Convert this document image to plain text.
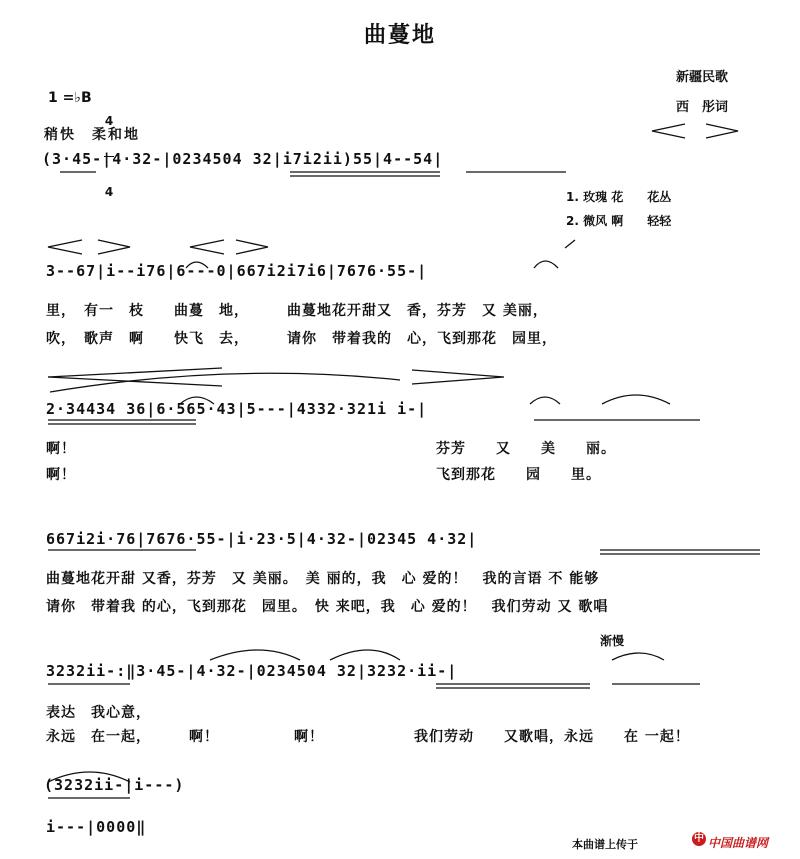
曲蔓地
新疆民歌
西　彤词
1 =♭B

4

4

稍快　柔和地
(3·45-|4·32-|0234504 32|i7i2ii)55|4--54|
1. 玫瑰 花　　花丛
2. 微风 啊　　轻轻
3--67|i--i76|6---0|667i2i7i6|7676·55-|
里，　有一　枝　　曲蔓　地，　　　曲蔓地花开甜又　香，芬芳　又 美丽，
吹，　歌声　啊　　快飞　去，　　　请你　带着我的　心，飞到那花　园里，
2·34434 36|6·565·43|5---|4332·321i i-|
啊！　　　　　　　　　　　　　　　　　　　　　　　　芬芳　　又　　美　　丽。
啊！　　　　　　　　　　　　　　　　　　　　　　　　飞到那花　　园　　里。
667i2i·76|7676·55-|i·23·5|4·32-|02345 4·32|
曲蔓地花开甜 又香，芬芳　又 美丽。　美 丽的，我　心 爱的！　我的言语 不 能够
请你　带着我 的心，飞到那花　园里。　快 来吧，我　心 爱的！　我们劳动 又 歌唱
渐慢
3232ii-:‖3·45-|4·32-|0234504 32|3232·ii-|
表达　我心意，
永远　在一起，　　　啊！　　　　　啊！　　　　　　我们劳动　　又歌唱，永远　　在 一起！
(3232ii-|i---)
i---|0000‖
本曲谱上传于	中 中国曲谱网
